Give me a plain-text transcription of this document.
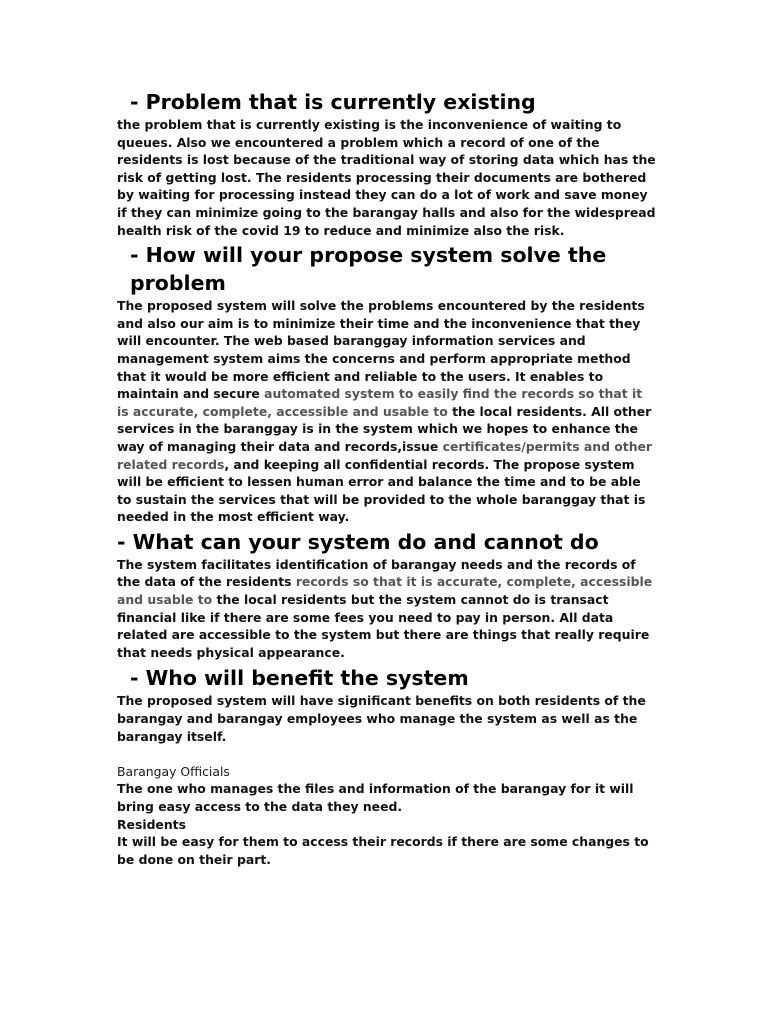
- Problem that is currently existing

the problem that is currently existing is the inconvenience of waiting to queues. Also we encountered a problem which a record of one of the residents is lost because of the traditional way of storing data which has the risk of getting lost. The residents processing their documents are bothered by waiting for processing instead they can do a lot of work and save money if they can minimize going to the barangay halls and also for the widespread health risk of the covid 19 to reduce and minimize also the risk.

- How will your propose system solve the problem

The proposed system will solve the problems encountered by the residents and also our aim is to minimize their time and the inconvenience that they will encounter. The web based baranggay information services and management system aims the concerns and perform appropriate method that it would be more efficient and reliable to the users. It enables to maintain and secure automated system to easily find the records so that it is accurate, complete, accessible and usable to the local residents. All other services in the baranggay is in the system which we hopes to enhance the way of managing their data and records,issue certificates/permits and other related records, and keeping all confidential records. The propose system will be efficient to lessen human error and balance the time and to be able to sustain the services that will be provided to the whole baranggay that is needed in the most efficient way.

- What can your system do and cannot do

The system facilitates identification of barangay needs and the records of the data of the residents records so that it is accurate, complete, accessible and usable to the local residents but the system cannot do is transact financial like if there are some fees you need to pay in person. All data related are accessible to the system but there are things that really require that needs physical appearance.

- Who will benefit the system

The proposed system will have significant benefits on both residents of the barangay and barangay employees who manage the system as well as the barangay itself.

Barangay Officials

The one who manages the files and information of the barangay for it will bring easy access to the data they need.

Residents

It will be easy for them to access their records if there are some changes to be done on their part.
